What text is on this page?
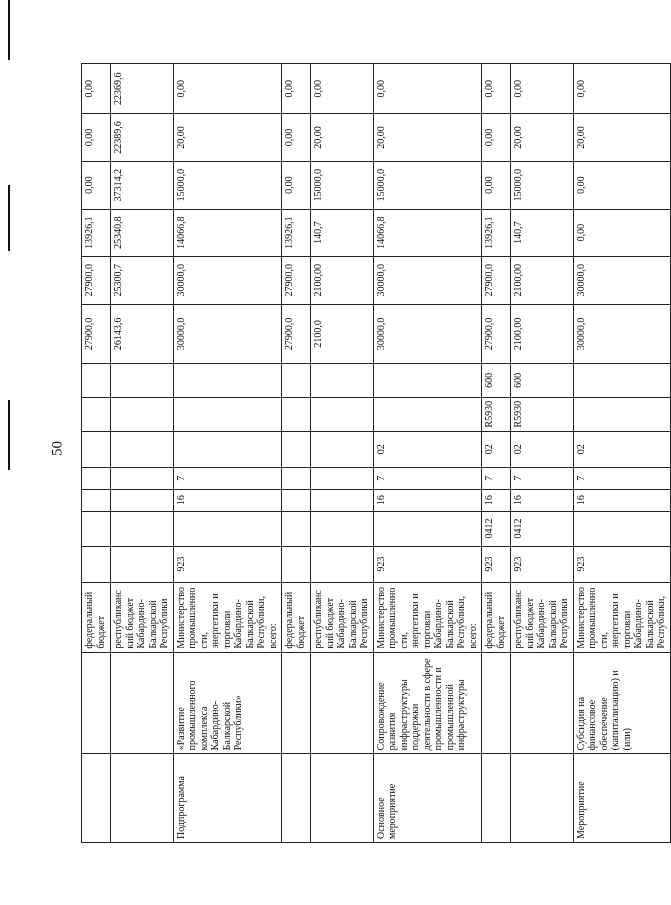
50
		федеральный бюджет								27900,0	27900,0	13926,1	0,00	0,00	0,00
		республиканский бюджет Кабардино-Балкарской Республики								26143,6	25300,7	25340,8	37314,2	22389,6	22369,6
Подпрограмма	«Развитие промышленного комплекса Кабардино-Балкарской Республики»	Министерство промышленности, энергетики и торговли Кабардино-Балкарской Республики, всего:	923		16	7				30000,0	30000,0	14066,8	15000,0	20,00	0,00
		федеральный бюджет								27900,0	27900,0	13926,1	0,00	0,00	0,00
		республиканский бюджет Кабардино-Балкарской Республики								2100,0	2100,00	140,7	15000,0	20,00	0,00
Основное мероприятие	Сопровождение развития инфраструктуры поддержки деятельности в сфере промышленности и промышленной инфраструктуры	Министерство промышленности, энергетики и торговли Кабардино-Балкарской Республики, всего:	923		16	7	02			30000,0	30000,0	14066,8	15000,0	20,00	0,00
		федеральный бюджет	923	0412	16	7	02	R5930	600	27900,0	27900,0	13926,1	0,00	0,00	0,00
		республиканский бюджет Кабардино-Балкарской Республики	923	0412	16	7	02	R5930	600	2100,00	2100,00	140,7	15000,0	20,00	0,00
Мероприятие	Субсидия на финансовое обеспечение (капитализацию) и (или)	Министерство промышленности, энергетики и торговли Кабардино-Балкарской Республики,	923		16	7	02			30000,0	30000,0	0,00	0,00	20,00	0,00
